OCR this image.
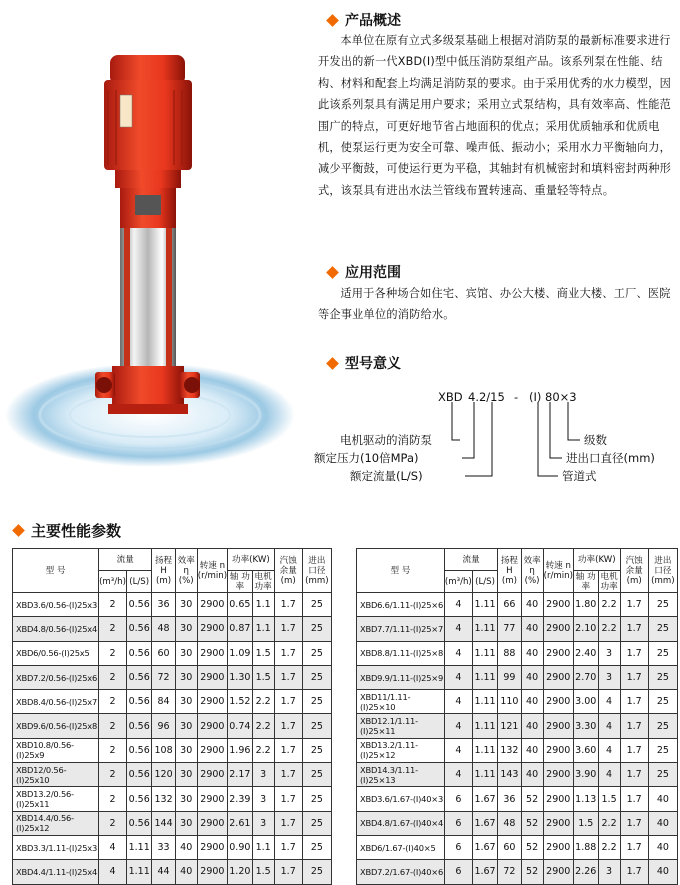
产品概述
本单位在原有立式多级泵基础上根据对消防泵的最新标准要求进行开发出的新一代XBD(I)型中低压消防泵组产品。该系列泵在性能、结构、材料和配套上均满足消防泵的要求。由于采用优秀的水力模型，因此该系列泵具有满足用户要求；采用立式泵结构，具有效率高、性能范围广的特点，可更好地节省占地面积的优点；采用优质轴承和优质电机，使泵运行更为安全可靠、噪声低、振动小；采用水力平衡轴向力，减少平衡鼓，可使运行更为平稳，其轴封有机械密封和填料密封两种形式，该泵具有进出水法兰管线布置转速高、重量轻等特点。
应用范围
适用于各种场合如住宅、宾馆、办公大楼、商业大楼、工厂、医院等企事业单位的消防给水。
型号意义
XBD 4.2/15 - (I) 80×3
电机驱动的消防泵
额定压力(10倍MPa)
额定流量(L/S)
级数
进出口直径(mm)
管道式
主要性能参数
型 号	流量		扬程 H (m)	效率 η (%)	转速 n (r/min)	功率(KW)		汽蚀 余量 (m)	进出 口径 (mm)
	(m³/h)	(L/S)				轴 功率	电机 功率		
XBD3.6/0.56-(I)25x3	2	0.56	36	30	2900	0.65	1.1	1.7	25
XBD4.8/0.56-(I)25x4	2	0.56	48	30	2900	0.87	1.1	1.7	25
XBD6/0.56-(I)25x5	2	0.56	60	30	2900	1.09	1.5	1.7	25
XBD7.2/0.56-(I)25x6	2	0.56	72	30	2900	1.30	1.5	1.7	25
XBD8.4/0.56-(I)25x7	2	0.56	84	30	2900	1.52	2.2	1.7	25
XBD9.6/0.56-(I)25x8	2	0.56	96	30	2900	0.74	2.2	1.7	25
XBD10.8/0.56-(I)25x9	2	0.56	108	30	2900	1.96	2.2	1.7	25
XBD12/0.56-(I)25x10	2	0.56	120	30	2900	2.17	3	1.7	25
XBD13.2/0.56-(I)25x11	2	0.56	132	30	2900	2.39	3	1.7	25
XBD14.4/0.56-(I)25x12	2	0.56	144	30	2900	2.61	3	1.7	25
XBD3.3/1.11-(I)25x3	4	1.11	33	40	2900	0.90	1.1	1.7	25
XBD4.4/1.11-(I)25x4	4	1.11	44	40	2900	1.20	1.5	1.7	25
型 号	流量		扬程 H (m)	效率 η (%)	转速 n (r/min)	功率(KW)		汽蚀 余量 (m)	进出 口径 (mm)
	(m³/h)	(L/S)				轴 功率	电机 功率		
XBD6.6/1.11-(I)25×6	4	1.11	66	40	2900	1.80	2.2	1.7	25
XBD7.7/1.11-(I)25×7	4	1.11	77	40	2900	2.10	2.2	1.7	25
XBD8.8/1.11-(I)25×8	4	1.11	88	40	2900	2.40	3	1.7	25
XBD9.9/1.11-(I)25×9	4	1.11	99	40	2900	2.70	3	1.7	25
XBD11/1.11-(I)25×10	4	1.11	110	40	2900	3.00	4	1.7	25
XBD12.1/1.11-(I)25×11	4	1.11	121	40	2900	3.30	4	1.7	25
XBD13.2/1.11-(I)25×12	4	1.11	132	40	2900	3.60	4	1.7	25
XBD14.3/1.11-(I)25×13	4	1.11	143	40	2900	3.90	4	1.7	25
XBD3.6/1.67-(I)40×3	6	1.67	36	52	2900	1.13	1.5	1.7	40
XBD4.8/1.67-(I)40×4	6	1.67	48	52	2900	1.5	2.2	1.7	40
XBD6/1.67-(I)40×5	6	1.67	60	52	2900	1.88	2.2	1.7	40
XBD7.2/1.67-(I)40×6	6	1.67	72	52	2900	2.26	3	1.7	40
